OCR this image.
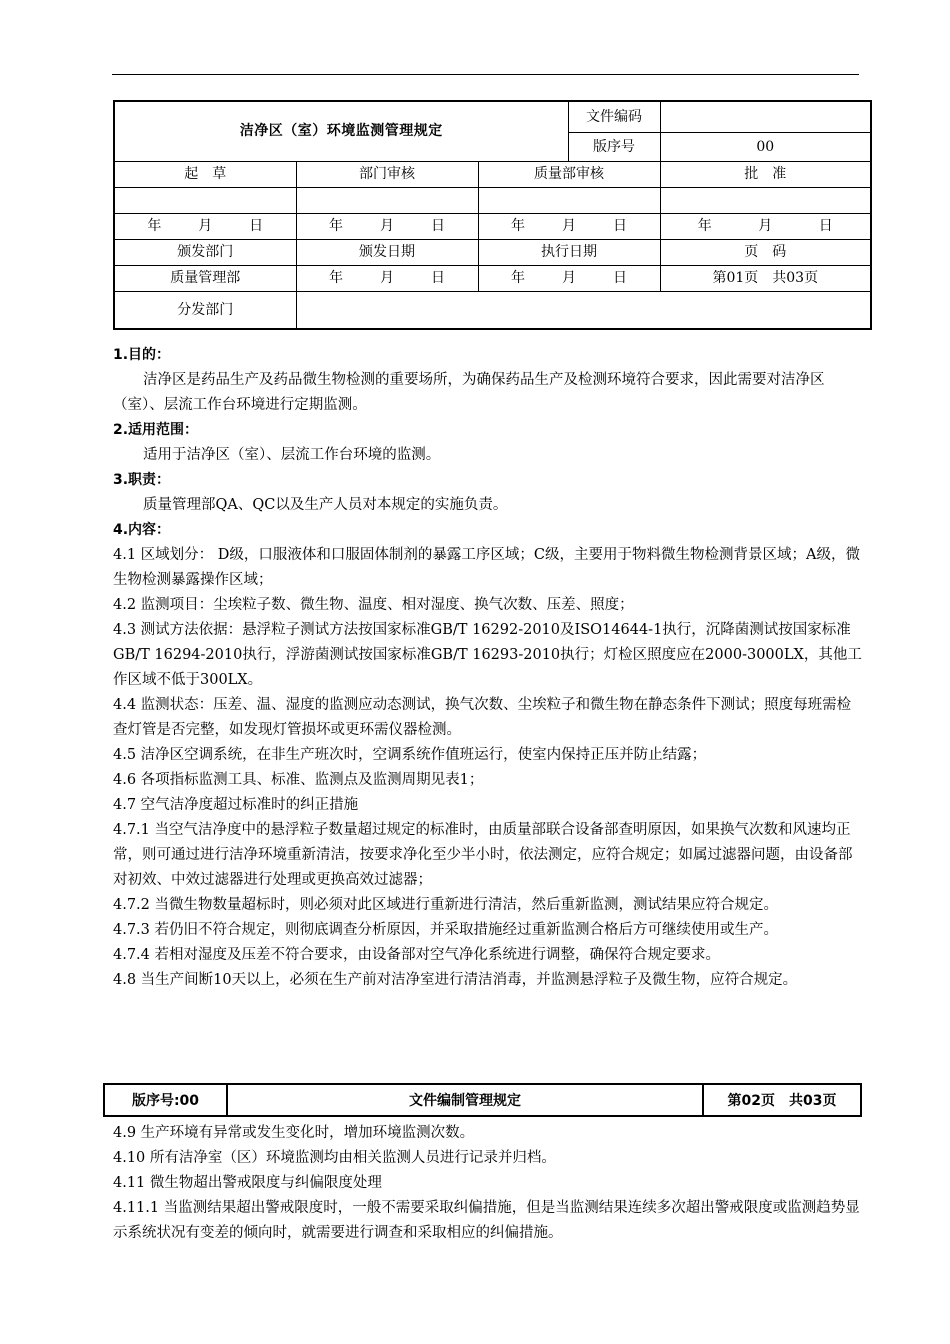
洁净区（室）环境监测管理规定			文件编码	
			版序号	00
起　草	部门审核	质量部审核		批　准

年 月 日	年 月 日	年 月 日		年 月 日

颁发部门	颁发日期	执行日期		页　码
质量管理部	年 月 日	年 月 日		第01页　共03页
分发部门				
1.目的：
洁净区是药品生产及药品微生物检测的重要场所，为确保药品生产及检测环境符合要求，因此需要对洁净区（室）、层流工作台环境进行定期监测。
2.适用范围：
适用于洁净区（室）、层流工作台环境的监测。
3.职责：
质量管理部QA、QC以及生产人员对本规定的实施负责。
4.内容：
4.1 区域划分： D级，口服液体和口服固体制剂的暴露工序区域；C级，主要用于物料微生物检测背景区域；A级，微生物检测暴露操作区域；
4.2 监测项目：尘埃粒子数、微生物、温度、相对湿度、换气次数、压差、照度；
4.3 测试方法依据：悬浮粒子测试方法按国家标准GB/T 16292-2010及ISO14644-1执行，沉降菌测试按国家标准GB/T 16294-2010执行，浮游菌测试按国家标准GB/T 16293-2010执行；灯检区照度应在2000-3000LX，其他工作区域不低于300LX。
4.4 监测状态：压差、温、湿度的监测应动态测试，换气次数、尘埃粒子和微生物在静态条件下测试；照度每班需检查灯管是否完整，如发现灯管损坏或更环需仪器检测。
4.5 洁净区空调系统，在非生产班次时，空调系统作值班运行，使室内保持正压并防止结露；
4.6 各项指标监测工具、标准、监测点及监测周期见表1；
4.7 空气洁净度超过标准时的纠正措施
4.7.1 当空气洁净度中的悬浮粒子数量超过规定的标准时，由质量部联合设备部查明原因，如果换气次数和风速均正常，则可通过进行洁净环境重新清洁，按要求净化至少半小时，依法测定，应符合规定；如属过滤器问题，由设备部对初效、中效过滤器进行处理或更换高效过滤器；
4.7.2 当微生物数量超标时，则必须对此区域进行重新进行清洁，然后重新监测，测试结果应符合规定。
4.7.3 若仍旧不符合规定，则彻底调查分析原因，并采取措施经过重新监测合格后方可继续使用或生产。
4.7.4 若相对湿度及压差不符合要求，由设备部对空气净化系统进行调整，确保符合规定要求。
4.8 当生产间断10天以上，必须在生产前对洁净室进行清洁消毒，并监测悬浮粒子及微生物，应符合规定。
版序号:00	文件编制管理规定	第02页　共03页
4.9 生产环境有异常或发生变化时，增加环境监测次数。
4.10 所有洁净室（区）环境监测均由相关监测人员进行记录并归档。
4.11 微生物超出警戒限度与纠偏限度处理
4.11.1 当监测结果超出警戒限度时，一般不需要采取纠偏措施，但是当监测结果连续多次超出警戒限度或监测趋势显示系统状况有变差的倾向时，就需要进行调查和采取相应的纠偏措施。
